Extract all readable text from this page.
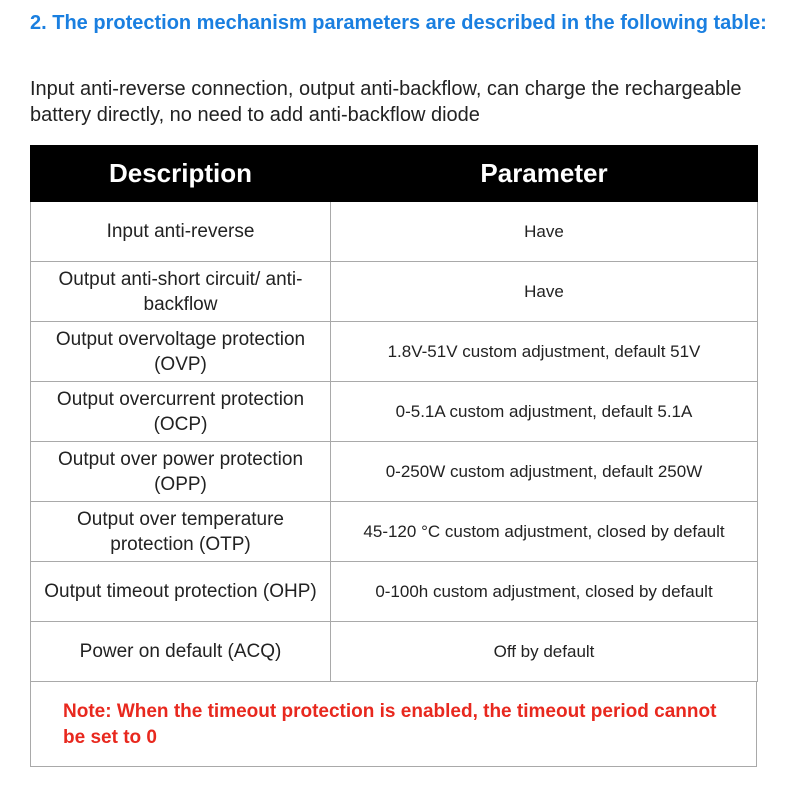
2. The protection mechanism parameters are described in the following table:
Input anti-reverse connection, output anti-backflow, can charge the rechargeable battery directly, no need to add anti-backflow diode
Description	Parameter
Input anti-reverse	Have
Output anti-short circuit/ anti-backflow	Have
Output overvoltage protection (OVP)	1.8V-51V custom adjustment, default 51V
Output overcurrent protection (OCP)	0-5.1A custom adjustment, default 5.1A
Output over power protection (OPP)	0-250W custom adjustment, default 250W
Output over temperature protection (OTP)	45-120 °C custom adjustment, closed by default
Output timeout protection (OHP)	0-100h custom adjustment, closed by default
Power on default (ACQ)	Off by default
Note: When the timeout protection is enabled, the timeout period cannot be set to 0
